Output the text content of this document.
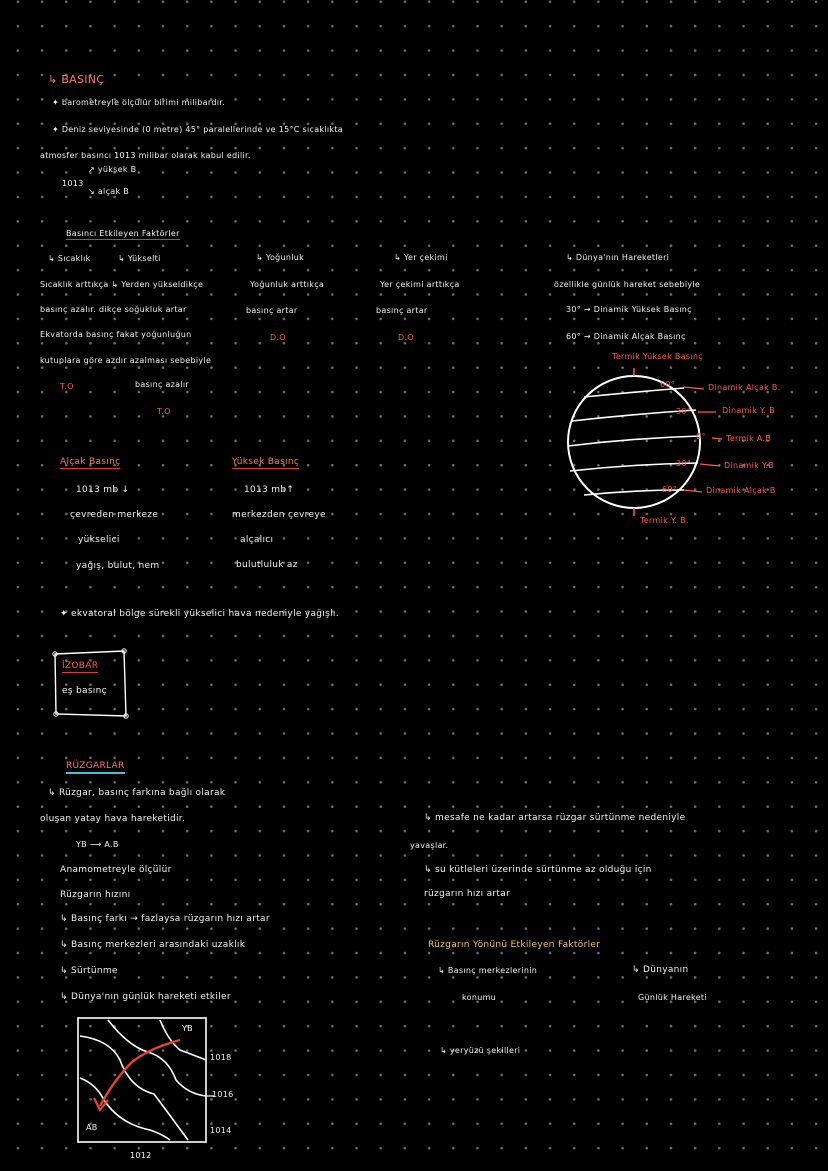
↳ BASINÇ
✦ barometreyle ölçülür birimi milibardır.
✦ Deniz seviyesinde (0 metre) 45° paralellerinde ve 15°C sıcaklıkta
atmosfer basıncı 1013 milibar olarak kabul edilir.
↗ yüksek B
1013
↘ alçak B
Basıncı Etkileyen Faktörler
↳ Sıcaklık	↳ Yükselti
Sıcaklık arttıkça ↳ Yerden yükseldikçe
basınç azalır. dikçe soğukluk artar
Ekvatorda basınç fakat yoğunluğun
kutuplara göre azdır azalması sebebiyle
T.O	basınç azalır
T.O
↳ Yoğunluk
Yoğunluk arttıkça
basınç artar
D.O
↳ Yer çekimi
Yer çekimi arttıkça
basınç artar
D.O
↳ Dünya'nın Hareketleri
özellikle günlük hareket sebebiyle
30° → Dinamik Yüksek Basınç
60° → Dinamik Alçak Basınç
Termik Yüksek Basınç
60°
30°
0°
30°
60°
Dinamik Alçak B.
Dinamik Y. B
Termik A.B
Dinamik Y.B
Dinamik Alçak B
Termik Y. B.
Alçak Basınç
1013 mb ↓
çevreden merkeze
yükselici
yağış, bulut, nem
Yüksek Basınç
1013 mb↑
merkezden çevreye
alçalıcı
bulutluluk az
✦ ekvatoral bölge sürekli yükselici hava nedeniyle yağışlı.
İZOBAR
eş basınç
RÜZGARLAR
↳ Rüzgar, basınç farkına bağlı olarak
oluşan yatay hava hareketidir.
YB ⟶ A.B
Anamometreyle ölçülür
Rüzgarın hızını
↳ Basınç farkı → fazlaysa rüzgarın hızı artar
↳ Basınç merkezleri arasındaki uzaklık
↳ Sürtünme
↳ Dünya'nın günlük hareketi etkiler
↳ mesafe ne kadar artarsa rüzgar sürtünme nedeniyle
yavaşlar.
↳ su kütleleri üzerinde sürtünme az olduğu için
rüzgarın hızı artar
Rüzgarın Yönünü Etkileyen Faktörler
↳ Basınç merkezlerinin
konumu
↳ Dünyanın
Günlük Hareketi
↳ yeryüzü şekilleri
YB
AB
1018
1016
1014
1012
